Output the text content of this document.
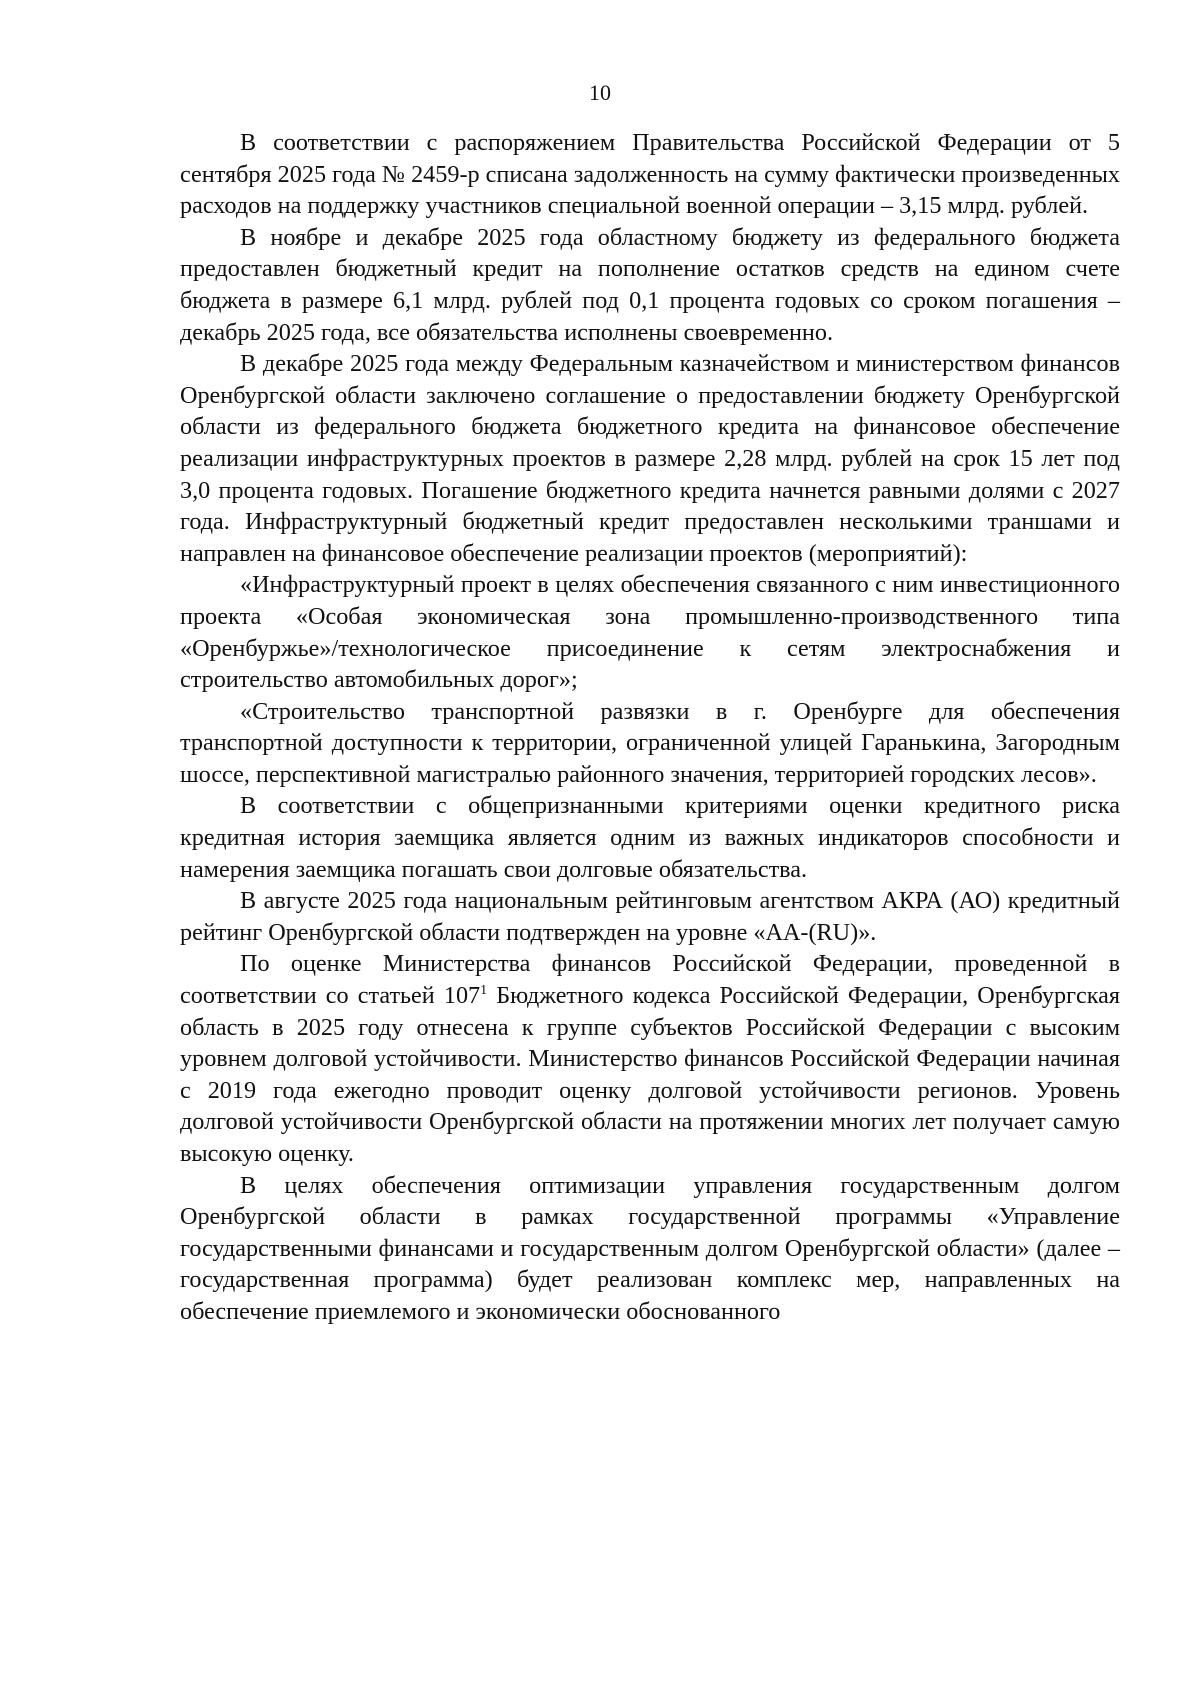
10

В соответствии с распоряжением Правительства Российской Федерации от 5 сентября 2025 года № 2459-р списана задолженность на сумму фактически произведенных расходов на поддержку участников специальной военной операции – 3,15 млрд. рублей.

В ноябре и декабре 2025 года областному бюджету из федерального бюджета предоставлен бюджетный кредит на пополнение остатков средств на едином счете бюджета в размере 6,1 млрд. рублей под 0,1 процента годовых со сроком погашения – декабрь 2025 года, все обязательства исполнены своевременно.

В декабре 2025 года между Федеральным казначейством и министерством финансов Оренбургской области заключено соглашение о предоставлении бюджету Оренбургской области из федерального бюджета бюджетного кредита на финансовое обеспечение реализации инфраструктурных проектов в размере 2,28 млрд. рублей на срок 15 лет под 3,0 процента годовых. Погашение бюджетного кредита начнется равными долями с 2027 года. Инфраструктурный бюджетный кредит предоставлен несколькими траншами и направлен на финансовое обеспечение реализации проектов (мероприятий):

«Инфраструктурный проект в целях обеспечения связанного с ним инвестиционного проекта «Особая экономическая зона промышленно-производственного типа «Оренбуржье»/технологическое присоединение к сетям электроснабжения и строительство автомобильных дорог»;

«Строительство транспортной развязки в г. Оренбурге для обеспечения транспортной доступности к территории, ограниченной улицей Гаранькина, Загородным шоссе, перспективной магистралью районного значения, территорией городских лесов».

В соответствии с общепризнанными критериями оценки кредитного риска кредитная история заемщика является одним из важных индикаторов способности и намерения заемщика погашать свои долговые обязательства.

В августе 2025 года национальным рейтинговым агентством АКРА (АО) кредитный рейтинг Оренбургской области подтвержден на уровне «АА-(RU)».

По оценке Министерства финансов Российской Федерации, проведенной в соответствии со статьей $107^1$ Бюджетного кодекса Российской Федерации, Оренбургская область в 2025 году отнесена к группе субъектов Российской Федерации с высоким уровнем долговой устойчивости. Министерство финансов Российской Федерации начиная с 2019 года ежегодно проводит оценку долговой устойчивости регионов. Уровень долговой устойчивости Оренбургской области на протяжении многих лет получает самую высокую оценку.

В целях обеспечения оптимизации управления государственным долгом Оренбургской области в рамках государственной программы «Управление государственными финансами и государственным долгом Оренбургской области» (далее – государственная программа) будет реализован комплекс мер, направленных на обеспечение приемлемого и экономически обоснованного
